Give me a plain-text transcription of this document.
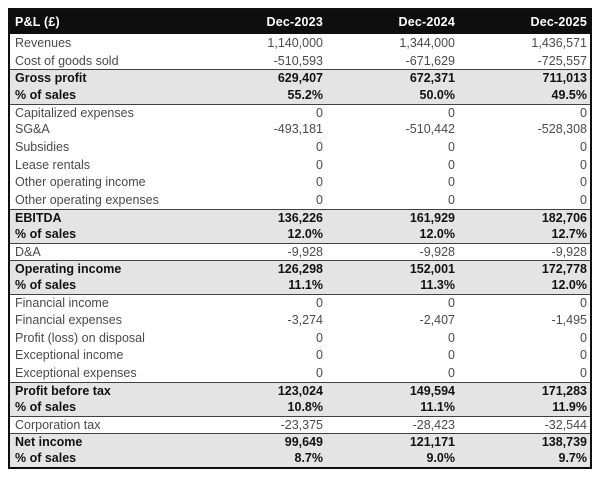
P&L (£)	Dec-2023	Dec-2024	Dec-2025
Revenues	1,140,000	1,344,000	1,436,571
Cost of goods sold	-510,593	-671,629	-725,557
Gross profit	629,407	672,371	711,013
% of sales	55.2%	50.0%	49.5%
Capitalized expenses	0	0	0
SG&A	-493,181	-510,442	-528,308
Subsidies	0	0	0
Lease rentals	0	0	0
Other operating income	0	0	0
Other operating expenses	0	0	0
EBITDA	136,226	161,929	182,706
% of sales	12.0%	12.0%	12.7%
D&A	-9,928	-9,928	-9,928
Operating income	126,298	152,001	172,778
% of sales	11.1%	11.3%	12.0%
Financial income	0	0	0
Financial expenses	-3,274	-2,407	-1,495
Profit (loss) on disposal	0	0	0
Exceptional income	0	0	0
Exceptional expenses	0	0	0
Profit before tax	123,024	149,594	171,283
% of sales	10.8%	11.1%	11.9%
Corporation tax	-23,375	-28,423	-32,544
Net income	99,649	121,171	138,739
% of sales	8.7%	9.0%	9.7%
